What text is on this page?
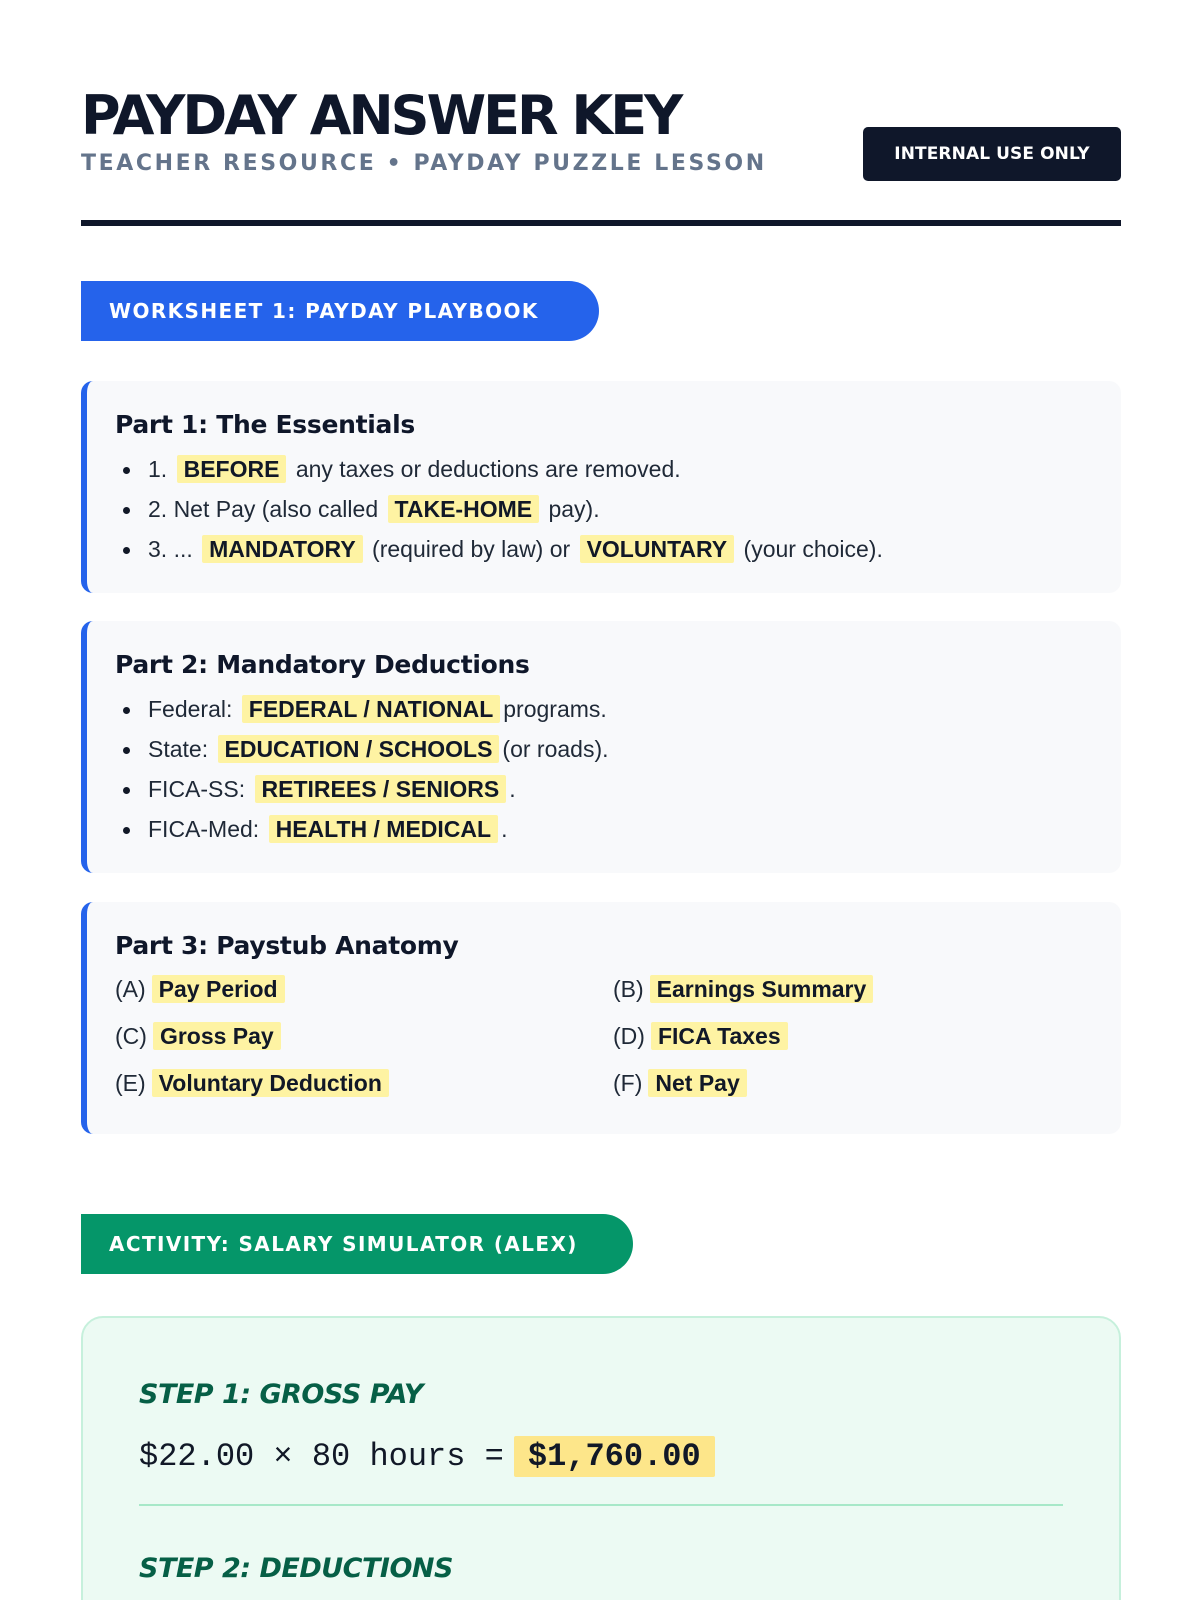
PAYDAY ANSWER KEY
TEACHER RESOURCE • PAYDAY PUZZLE LESSON	INTERNAL USE ONLY
WORKSHEET 1: PAYDAY PLAYBOOK
Part 1: The Essentials
1. BEFORE any taxes or deductions are removed.
2. Net Pay (also called TAKE-HOME pay).
3. ... MANDATORY (required by law) or VOLUNTARY (your choice).
Part 2: Mandatory Deductions
Federal: FEDERAL / NATIONAL programs.
State: EDUCATION / SCHOOLS (or roads).
FICA-SS: RETIREES / SENIORS .
FICA-Med: HEALTH / MEDICAL .
Part 3: Paystub Anatomy
(A) Pay Period	(B) Earnings Summary
(C) Gross Pay	(D) FICA Taxes
(E) Voluntary Deduction	(F) Net Pay
ACTIVITY: SALARY SIMULATOR (ALEX)
STEP 1: GROSS PAY
$22.00 × 80 hours = $1,760.00
STEP 2: DEDUCTIONS
